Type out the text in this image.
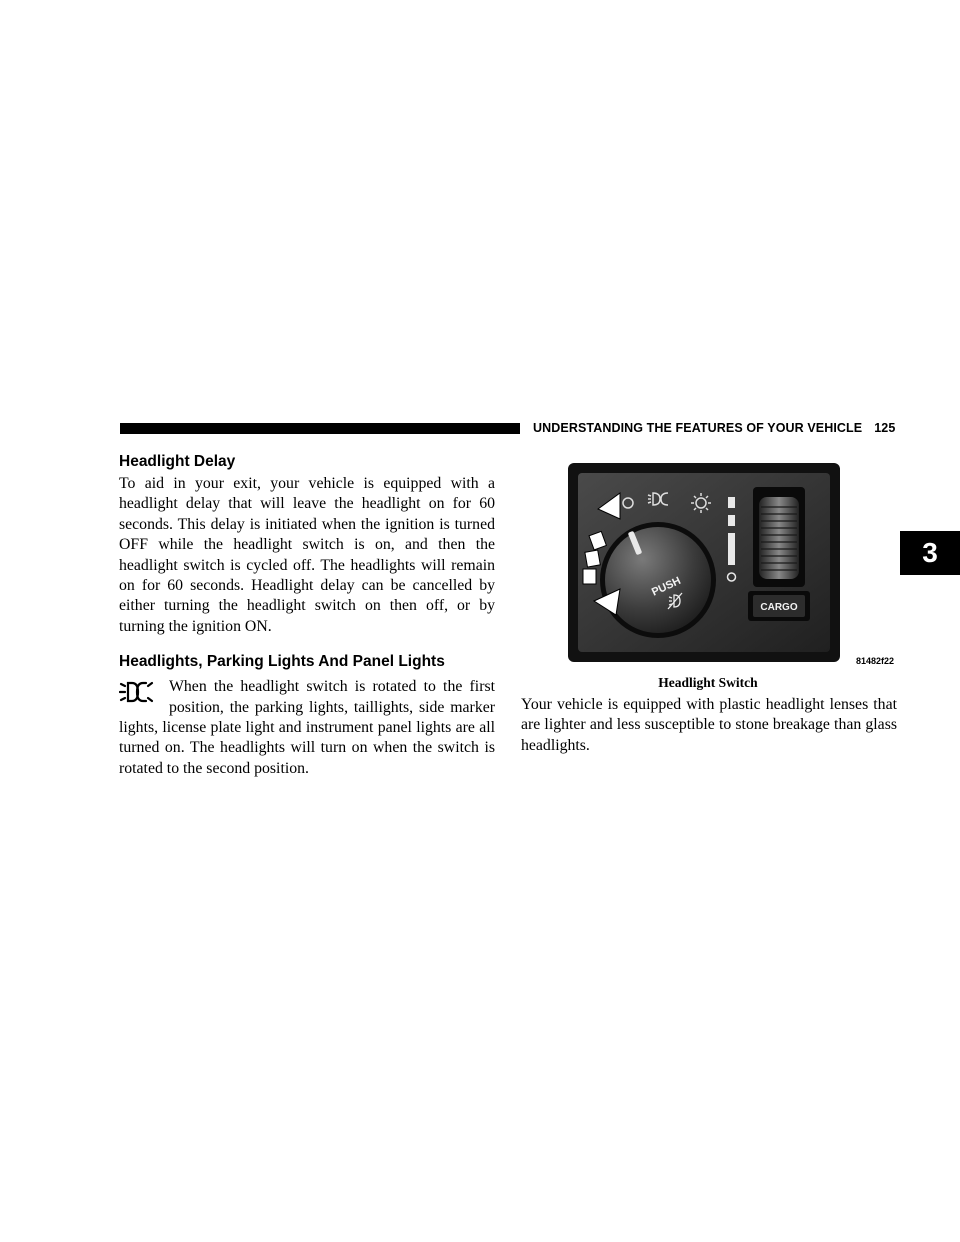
UNDERSTANDING THE FEATURES OF YOUR VEHICLE 125
3
Headlight Delay

To aid in your exit, your vehicle is equipped with a headlight delay that will leave the headlight on for 60 seconds. This delay is initiated when the ignition is turned OFF while the headlight switch is on, and then the headlight switch is cycled off. The headlights will remain on for 60 seconds. Headlight delay can be cancelled by either turning the headlight switch on then off, or by turning the ignition ON.

Headlights, Parking Lights And Panel Lights

When the headlight switch is rotated to the first position, the parking lights, taillights, side marker lights, license plate light and instrument panel lights are all turned on. The headlights will turn on when the switch is rotated to the second position.

PUSH
CARGO
81482f22
Headlight Switch

Your vehicle is equipped with plastic headlight lenses that are lighter and less susceptible to stone breakage than glass headlights.
